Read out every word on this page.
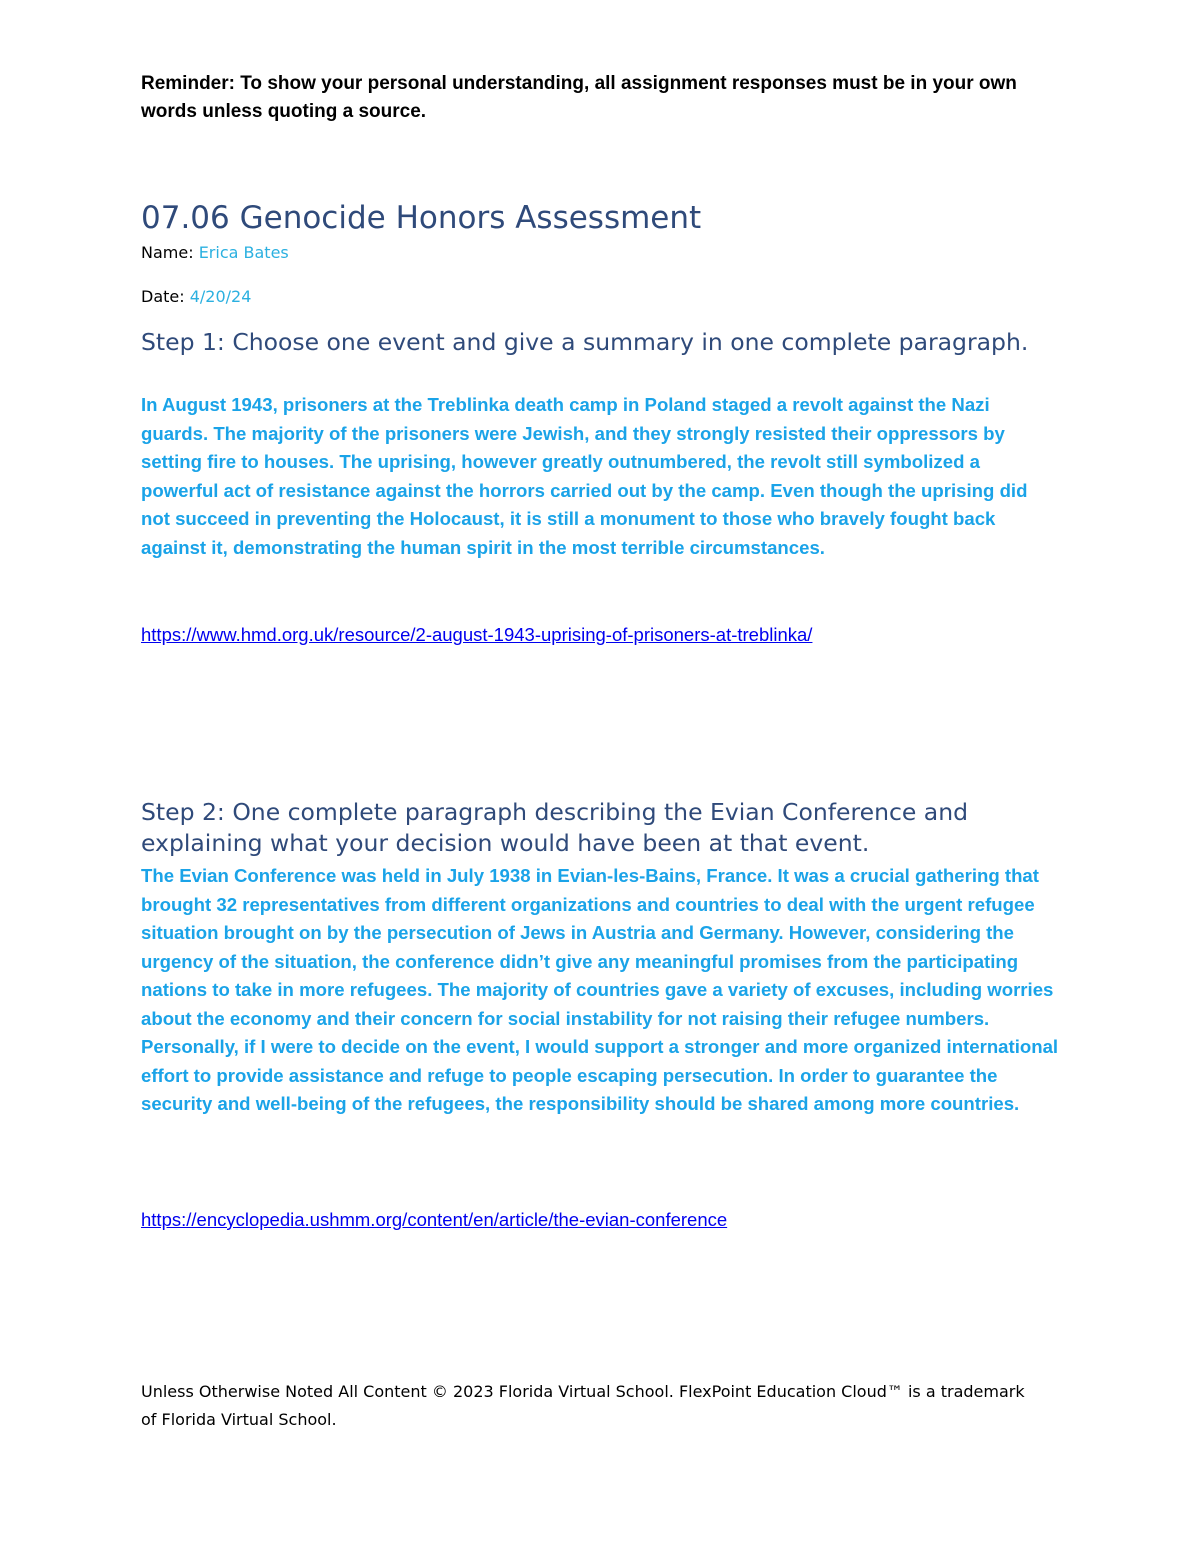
Reminder: To show your personal understanding, all assignment responses must be in your own words unless quoting a source.
07.06 Genocide Honors Assessment
Name: Erica Bates
Date: 4/20/24
Step 1: Choose one event and give a summary in one complete paragraph.
In August 1943, prisoners at the Treblinka death camp in Poland staged a revolt against the Nazi guards. The majority of the prisoners were Jewish, and they strongly resisted their oppressors by setting fire to houses. The uprising, however greatly outnumbered, the revolt still symbolized a powerful act of resistance against the horrors carried out by the camp. Even though the uprising did not succeed in preventing the Holocaust, it is still a monument to those who bravely fought back against it, demonstrating the human spirit in the most terrible circumstances.
https://www.hmd.org.uk/resource/2-august-1943-uprising-of-prisoners-at-treblinka/
Step 2: One complete paragraph describing the Evian Conference and explaining what your decision would have been at that event.
The Evian Conference was held in July 1938 in Evian-les-Bains, France. It was a crucial gathering that brought 32 representatives from different organizations and countries to deal with the urgent refugee situation brought on by the persecution of Jews in Austria and Germany. However, considering the urgency of the situation, the conference didn’t give any meaningful promises from the participating nations to take in more refugees. The majority of countries gave a variety of excuses, including worries about the economy and their concern for social instability for not raising their refugee numbers. Personally, if I were to decide on the event, I would support a stronger and more organized international effort to provide assistance and refuge to people escaping persecution. In order to guarantee the security and well-being of the refugees, the responsibility should be shared among more countries.
https://encyclopedia.ushmm.org/content/en/article/the-evian-conference
Unless Otherwise Noted All Content © 2023 Florida Virtual School. FlexPoint Education Cloud™ is a trademark of Florida Virtual School.
